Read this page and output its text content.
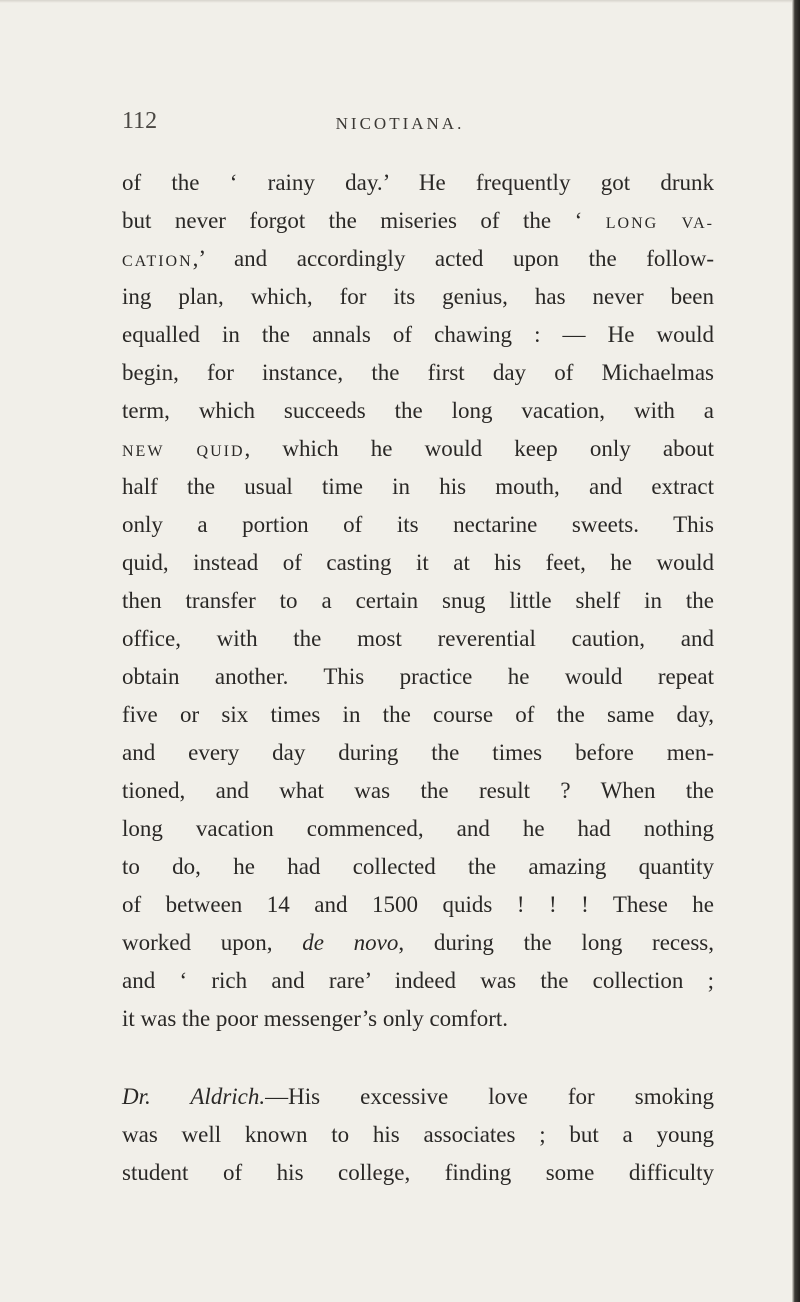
112	NICOTIANA.
of the ‘ rainy day.’ He frequently got drunk
but never forgot the miseries of the ‘ LONG VA-
CATION,’ and accordingly acted upon the follow-
ing plan, which, for its genius, has never been
equalled in the annals of chawing : — He would
begin, for instance, the first day of Michaelmas
term, which succeeds the long vacation, with a
NEW QUID, which he would keep only about
half the usual time in his mouth, and extract
only a portion of its nectarine sweets. This
quid, instead of casting it at his feet, he would
then transfer to a certain snug little shelf in the
office, with the most reverential caution, and
obtain another. This practice he would repeat
five or six times in the course of the same day,
and every day during the times before men-
tioned, and what was the result ? When the
long vacation commenced, and he had nothing
to do, he had collected the amazing quantity
of between 14 and 1500 quids ! ! ! These he
worked upon, de novo, during the long recess,
and ‘ rich and rare’ indeed was the collection ;
it was the poor messenger’s only comfort.
Dr. Aldrich.—His excessive love for smoking
was well known to his associates ; but a young
student of his college, finding some difficulty
